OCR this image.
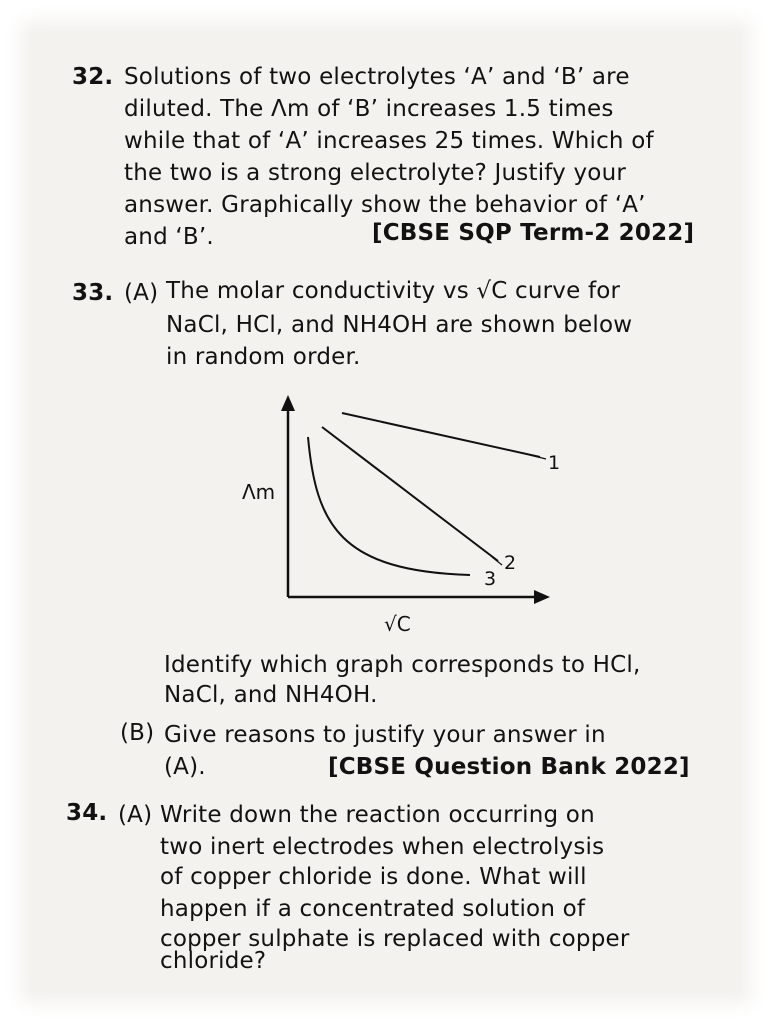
32. Solutions of two electrolytes ‘A’ and ‘B’ are
diluted. The Λm of ‘B’ increases 1.5 times
while that of ‘A’ increases 25 times. Which of
the two is a strong electrolyte? Justify your
answer. Graphically show the behavior of ‘A’
and ‘B’.	[CBSE SQP Term-2 2022]
33. (A) The molar conductivity vs √C curve for
NaCl, HCl, and NH4OH are shown below
in random order.
1
2
3
Λm
√C
Identify which graph corresponds to HCl,
NaCl, and NH4OH.
(B) Give reasons to justify your answer in
(A).	[CBSE Question Bank 2022]
34. (A) Write down the reaction occurring on
two inert electrodes when electrolysis
of copper chloride is done. What will
happen if a concentrated solution of
copper sulphate is replaced with copper
chloride?
